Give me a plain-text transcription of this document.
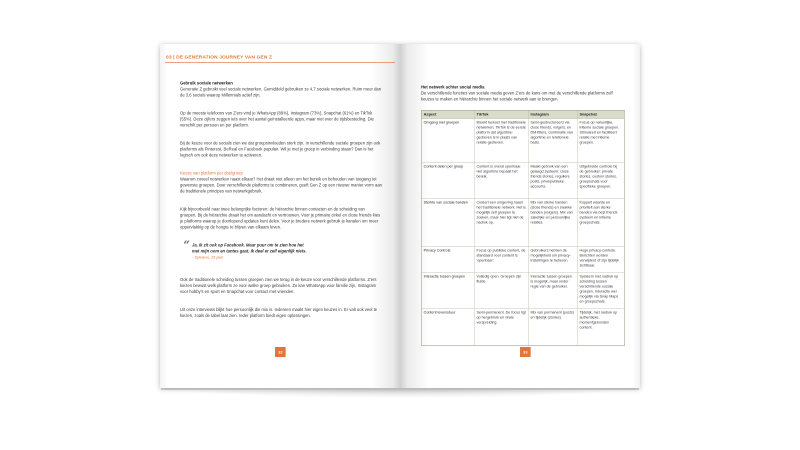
03 | DE GENERATION JOURNEY VAN GEN Z
Gebruik sociale netwerken

Generatie Z gebruikt veel sociale netwerken. Gemiddeld gebruiken ze 4,7 sociale netwerken. Ruim meer dan de 3,6 socials waarop Millennials actief zijn.

Op de meeste telefoons van Z'ers vind je WhatsApp (89%), Instagram (73%), Snapchat (61%) en TikTok (55%). Deze cijfers zeggen iets over het aantal geïnstalleerde apps, maar niet over de tijdsbesteding. Die verschilt per persoon en per platform.

Bij de keuze voor de socials zien we dat groepsinvloeden sterk zijn. In verschillende sociale groepen zijn ook platforms als Pinterest, BeReal en Facebook populair. Wil je met je groep in verbinding staan? Dan is het logisch om ook deze netwerken te activeren.

Keuze van platform per doelgroep

Waarom zoveel netwerken naast elkaar? Het draait niet alleen om het bereik en behouden van toegang tot gewenste groepen. Door verschillende platforms te combineren, geeft Gen Z op een nieuwe manier vorm aan de traditionele principes van netwerkgebruik.

Kijk bijvoorbeeld naar twee belangrijke factoren: de hiërarchie binnen contacten en de scheiding van groepen. Bij de hiërarchie draait het om aandacht en vertrouwen. Voor je primaire cirkel en close friends kies je platforms waarop je doorlopend updates kunt delen. Voor je bredere netwerk gebruik je kanalen om meer oppervlakkig op de hoogte te blijven van elkaars leven.

“ Ja, ik zit ook op Facebook. Maar puur om te zien hoe het met mijn oom en tantes gaat. Ik deel er zelf eigenlijk niets.
- Sylvana, 16 jaar

Ook de traditionele scheiding tussen groepen zien we terug in de keuze voor verschillende platforms. Z'ers kiezen bewust welk platform ze voor welke groep gebruiken. Zo kan WhatsApp voor familie zijn, Instagram voor hobby's en sport en Snapchat voor contact met vrienden.

Uit onze interviews blijkt hoe persoonlijk die mix is. Iedereen maakt hier eigen keuzes in. Er valt ook veel te kiezen, zoals de tabel laat zien. Ieder platform biedt eigen oplossingen.

32
Het netwerk achter social media
De verschillende functies van sociale media geven Z'ers de kans om met de verschillende platforms zelf keuzes te maken en hiërarchie binnen het sociale netwerk aan te brengen.
Aspect	TikTok	Instagram	Snapchat
Omgang met groepen	Breekt bewust met traditionele netwerken; TikTok is de eerste platform dat algoritme-gedreven is in plaats van relatie-gedreven.	Semi-gestructureerd via close friends, volgers, en DM-filters, combinatie van algoritme en relationele basis.	Focus op natuurlijke, intieme sociale groepen. Stimuleert en faciliteert relatie met intieme groepen.
Content delen per groep	Content is overal openbaar. Het algoritme bepaalt het bereik.	Maakt gebruik van een gelaagd systeem: close friends stories, reguliere posts, privé/publieke accounts.	Uitgebreide controle bij de gebruiker: private stories, custom stories, groepschats voor specifieke groepen.
Sterkte van sociale banden	Creëert een omgeving naast het traditionele netwerk. Het is mogelijk zelf groepen te zoeken, maar hier ligt niet de nadruk op.	Mix van sterke banden (close friends) en zwakke banden (volgers). Mix van zakelijke en persoonlijke relaties.	Koppelt waarde en prioriteit aan sterke banden via best friends systeem en intieme groepschats.
Privacy Controls	Focus op publieke content, de standaard voor content is 'openbaar'.	Gebruikers hebben de mogelijkheid om privacy-instellingen te beheren.	Hoge privacy-controle. Berichten worden verwijderd of zijn tijdelijk zichtbaar.
Interactie tussen groepen	Volledig open. Groepen zijn fluïde.	Interactie tussen groepen is mogelijk, maar onder regie van de gebruiker.	Systeem met nadruk op scheiding tussen verschillende sociale groepen. Interactie wel mogelijk via Snap Maps en groepschats.
Content levensduur	Semi-permanent. De focus ligt op hergebruik en virale verspreiding.	Mix van permanent (posts) en tijdelijk (stories).	Tijdelijk, met nadruk op authentieke, momentgebonden content.
33
